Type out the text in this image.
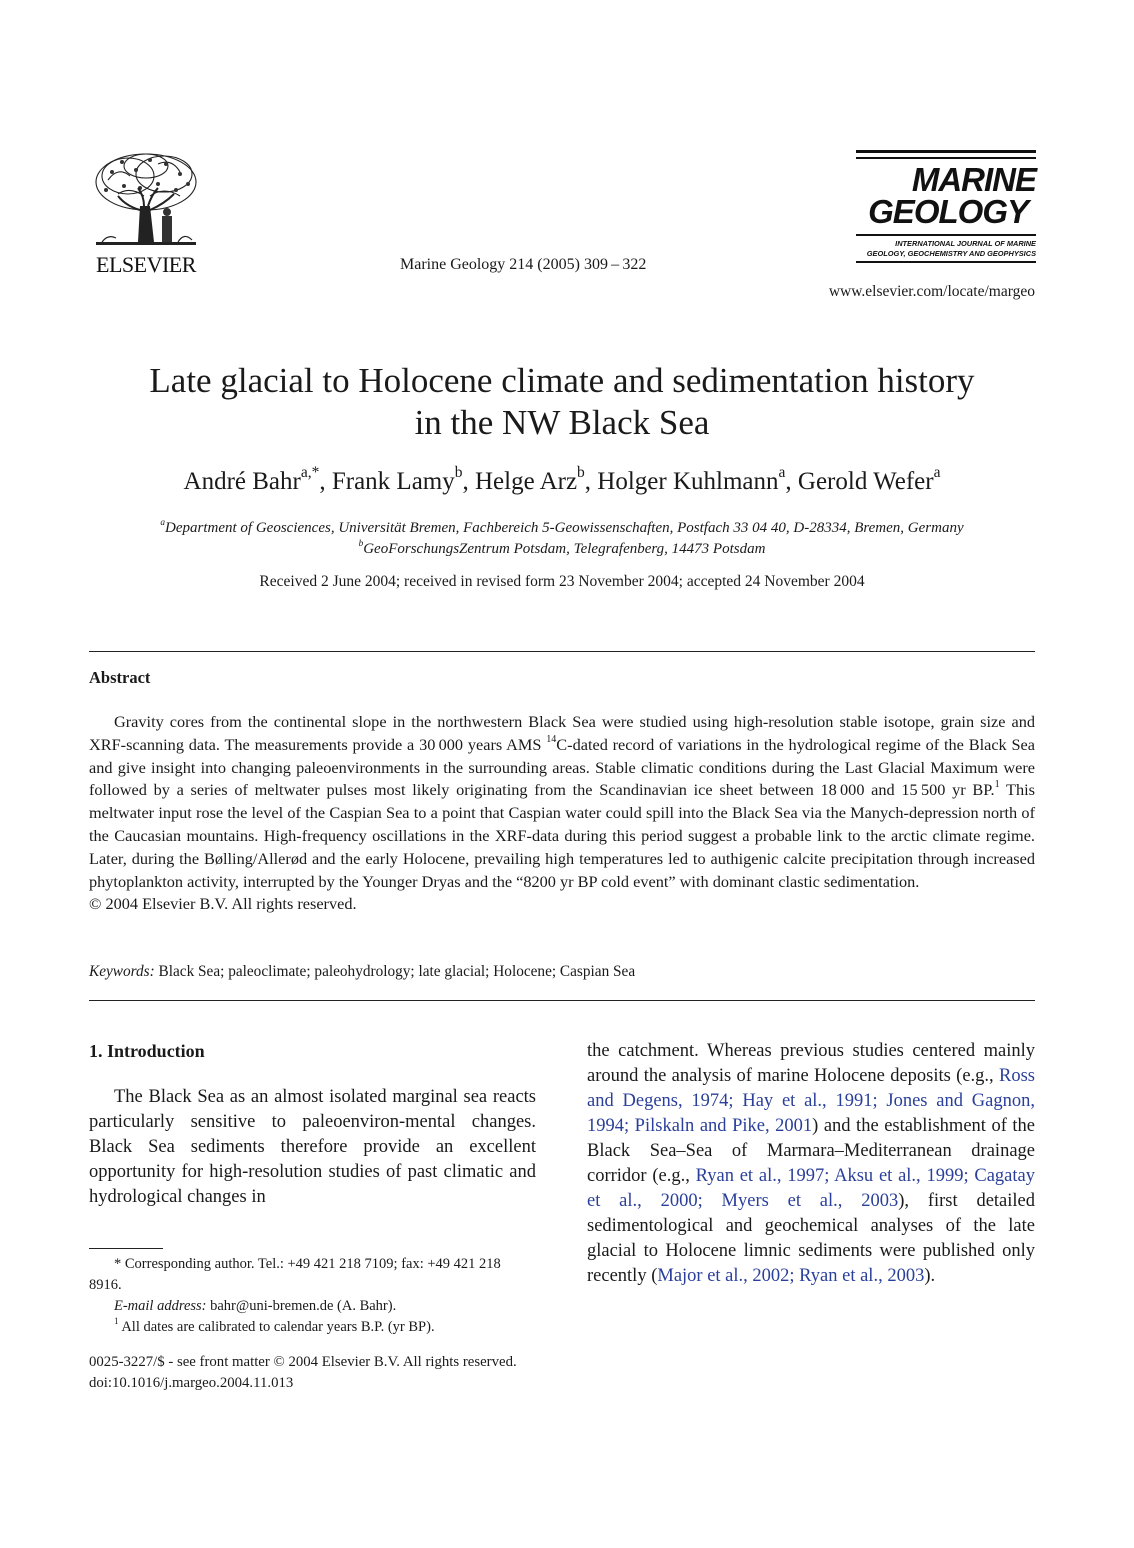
ELSEVIER	Marine Geology 214 (2005) 309 – 322
MARINE
GEOLOGY
INTERNATIONAL JOURNAL OF MARINE
GEOLOGY, GEOCHEMISTRY AND GEOPHYSICS
www.elsevier.com/locate/margeo
Late glacial to Holocene climate and sedimentation history
in the NW Black Sea
André Bahr$^{a,*}$, Frank Lamy$^b$, Helge Arz$^b$, Holger Kuhlmann$^a$, Gerold Wefer$^a$
$^a$Department of Geosciences, Universität Bremen, Fachbereich 5-Geowissenschaften, Postfach 33 04 40, D-28334, Bremen, Germany
$^b$GeoForschungsZentrum Potsdam, Telegrafenberg, 14473 Potsdam
Received 2 June 2004; received in revised form 23 November 2004; accepted 24 November 2004
Abstract

Gravity cores from the continental slope in the northwestern Black Sea were studied using high-resolution stable isotope, grain size and XRF-scanning data. The measurements provide a 30 000 years AMS $^{14}$C-dated record of variations in the hydrological regime of the Black Sea and give insight into changing paleoenvironments in the surrounding areas. Stable climatic conditions during the Last Glacial Maximum were followed by a series of meltwater pulses most likely originating from the Scandinavian ice sheet between 18 000 and 15 500 yr BP.$^1$ This meltwater input rose the level of the Caspian Sea to a point that Caspian water could spill into the Black Sea via the Manych-depression north of the Caucasian mountains. High-frequency oscillations in the XRF-data during this period suggest a probable link to the arctic climate regime. Later, during the Bølling/Allerød and the early Holocene, prevailing high temperatures led to authigenic calcite precipitation through increased phytoplankton activity, interrupted by the Younger Dryas and the “8200 yr BP cold event” with dominant clastic sedimentation.

© 2004 Elsevier B.V. All rights reserved.

Keywords: Black Sea; paleoclimate; paleohydrology; late glacial; Holocene; Caspian Sea
1. Introduction

The Black Sea as an almost isolated marginal sea reacts particularly sensitive to paleoenviron-mental changes. Black Sea sediments therefore provide an excellent opportunity for high-resolution studies of past climatic and hydrological changes in

the catchment. Whereas previous studies centered mainly around the analysis of marine Holocene deposits (e.g., Ross and Degens, 1974; Hay et al., 1991; Jones and Gagnon, 1994; Pilskaln and Pike, 2001) and the establishment of the Black Sea–Sea of Marmara–Mediterranean drainage corridor (e.g., Ryan et al., 1997; Aksu et al., 1999; Cagatay et al., 2000; Myers et al., 2003), first detailed sedimentological and geochemical analyses of the late glacial to Holocene limnic sediments were published only recently (Major et al., 2002; Ryan et al., 2003).

* Corresponding author. Tel.: +49 421 218 7109; fax: +49 421 218 8916.

E-mail address: bahr@uni-bremen.de (A. Bahr).

$^1$ All dates are calibrated to calendar years B.P. (yr BP).

0025-3227/$ - see front matter © 2004 Elsevier B.V. All rights reserved.

doi:10.1016/j.margeo.2004.11.013
